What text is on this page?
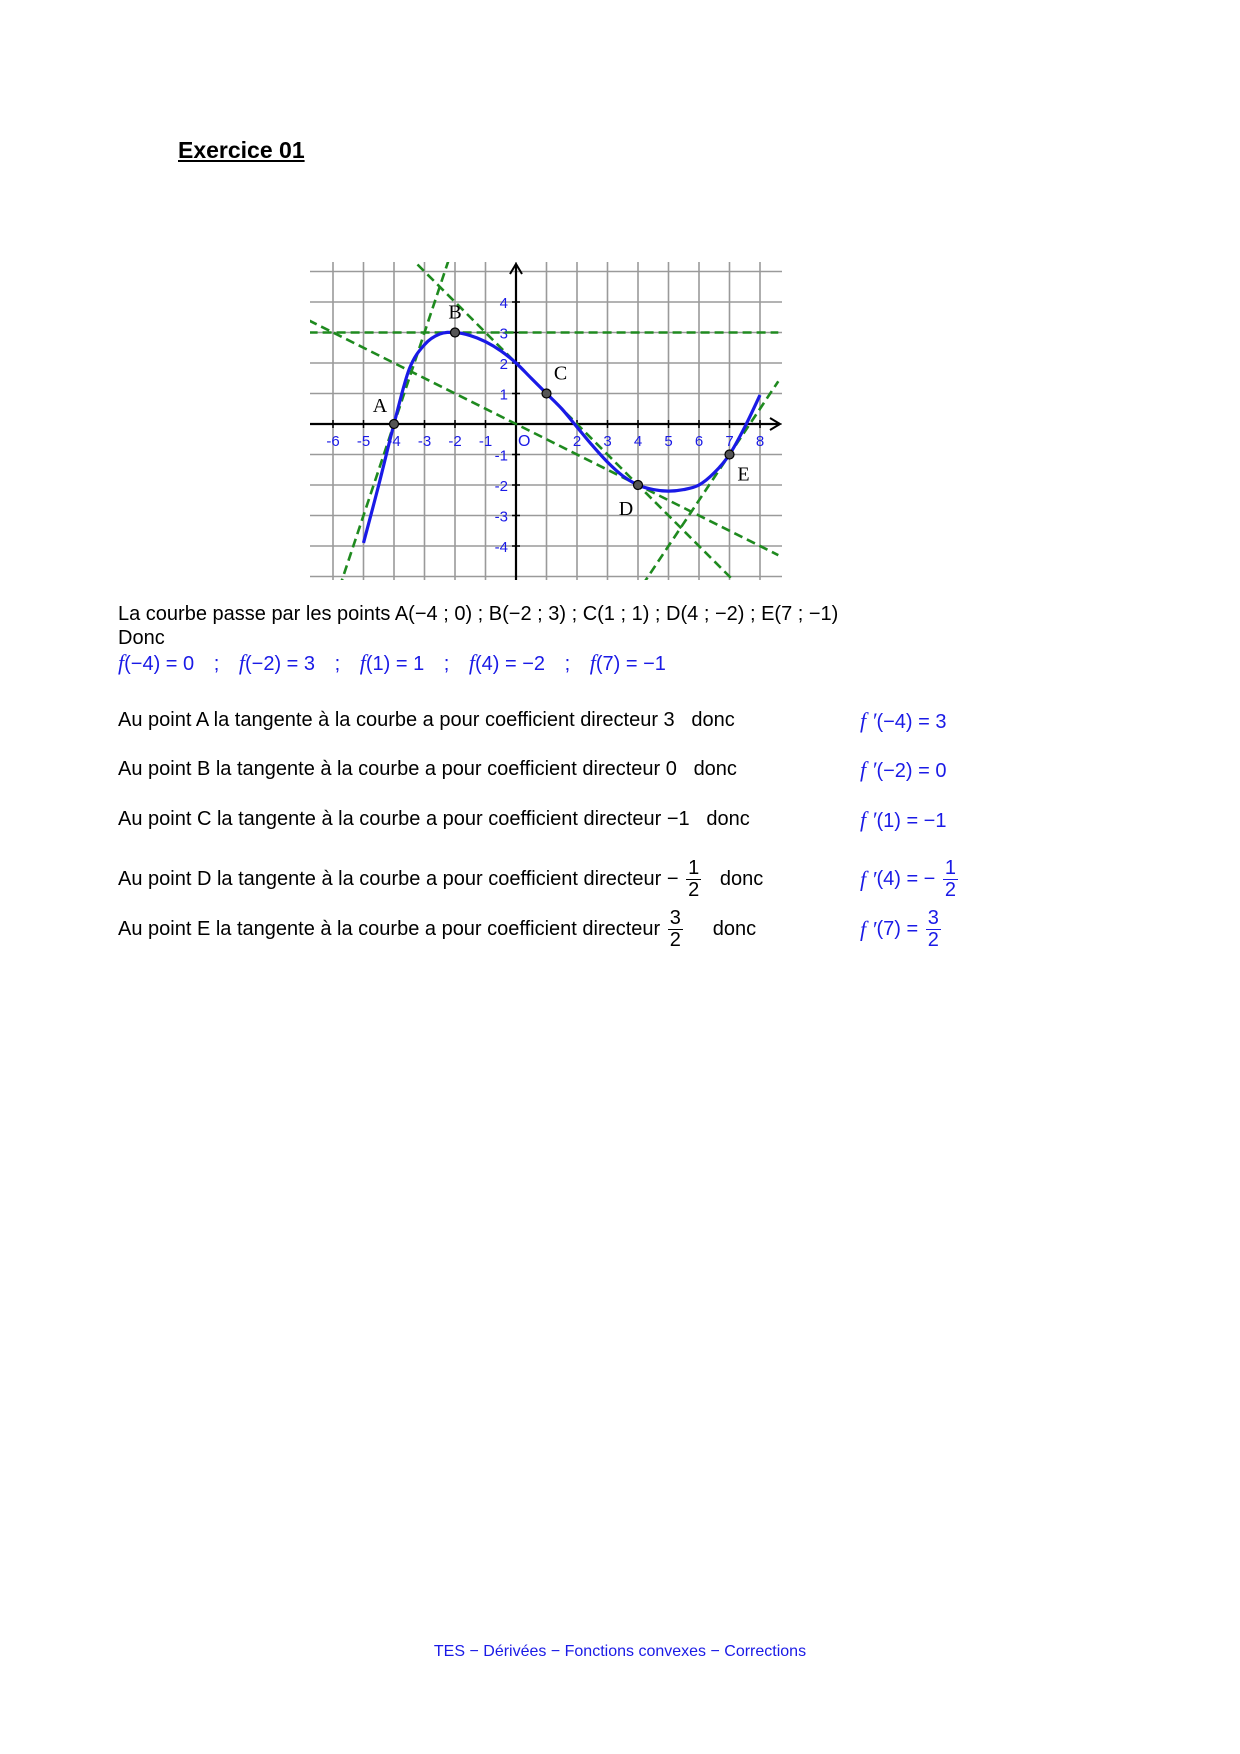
Exercice 01
-6 -5 -4 -3 -2 -1	2 3 4 5 6 7 8
4
3
2
1
-1
-2
-3
-4
O
A
B
C
D
E
La courbe passe par les points A(−4 ; 0) ; B(−2 ; 3) ; C(1 ; 1) ; D(4 ; −2) ; E(7 ; −1)
Donc
f(−4) = 0 ; f(−2) = 3 ; f(1) = 1 ; f(4) = −2 ; f(7) = −1
Au point A la tangente à la courbe a pour coefficient directeur 3 donc	f ′(−4) = 3
Au point B la tangente à la courbe a pour coefficient directeur 0 donc	f ′(−2) = 0
Au point C la tangente à la courbe a pour coefficient directeur −1 donc	f ′(1) = −1
Au point D la tangente à la courbe a pour coefficient directeur − $\frac{1}{2}$ donc	f ′(4) = − $\frac{1}{2}$
Au point E la tangente à la courbe a pour coefficient directeur $\frac{3}{2}$ donc	f $'(7) = \frac{3}{2}$
TES − Dérivées − Fonctions convexes − Corrections
